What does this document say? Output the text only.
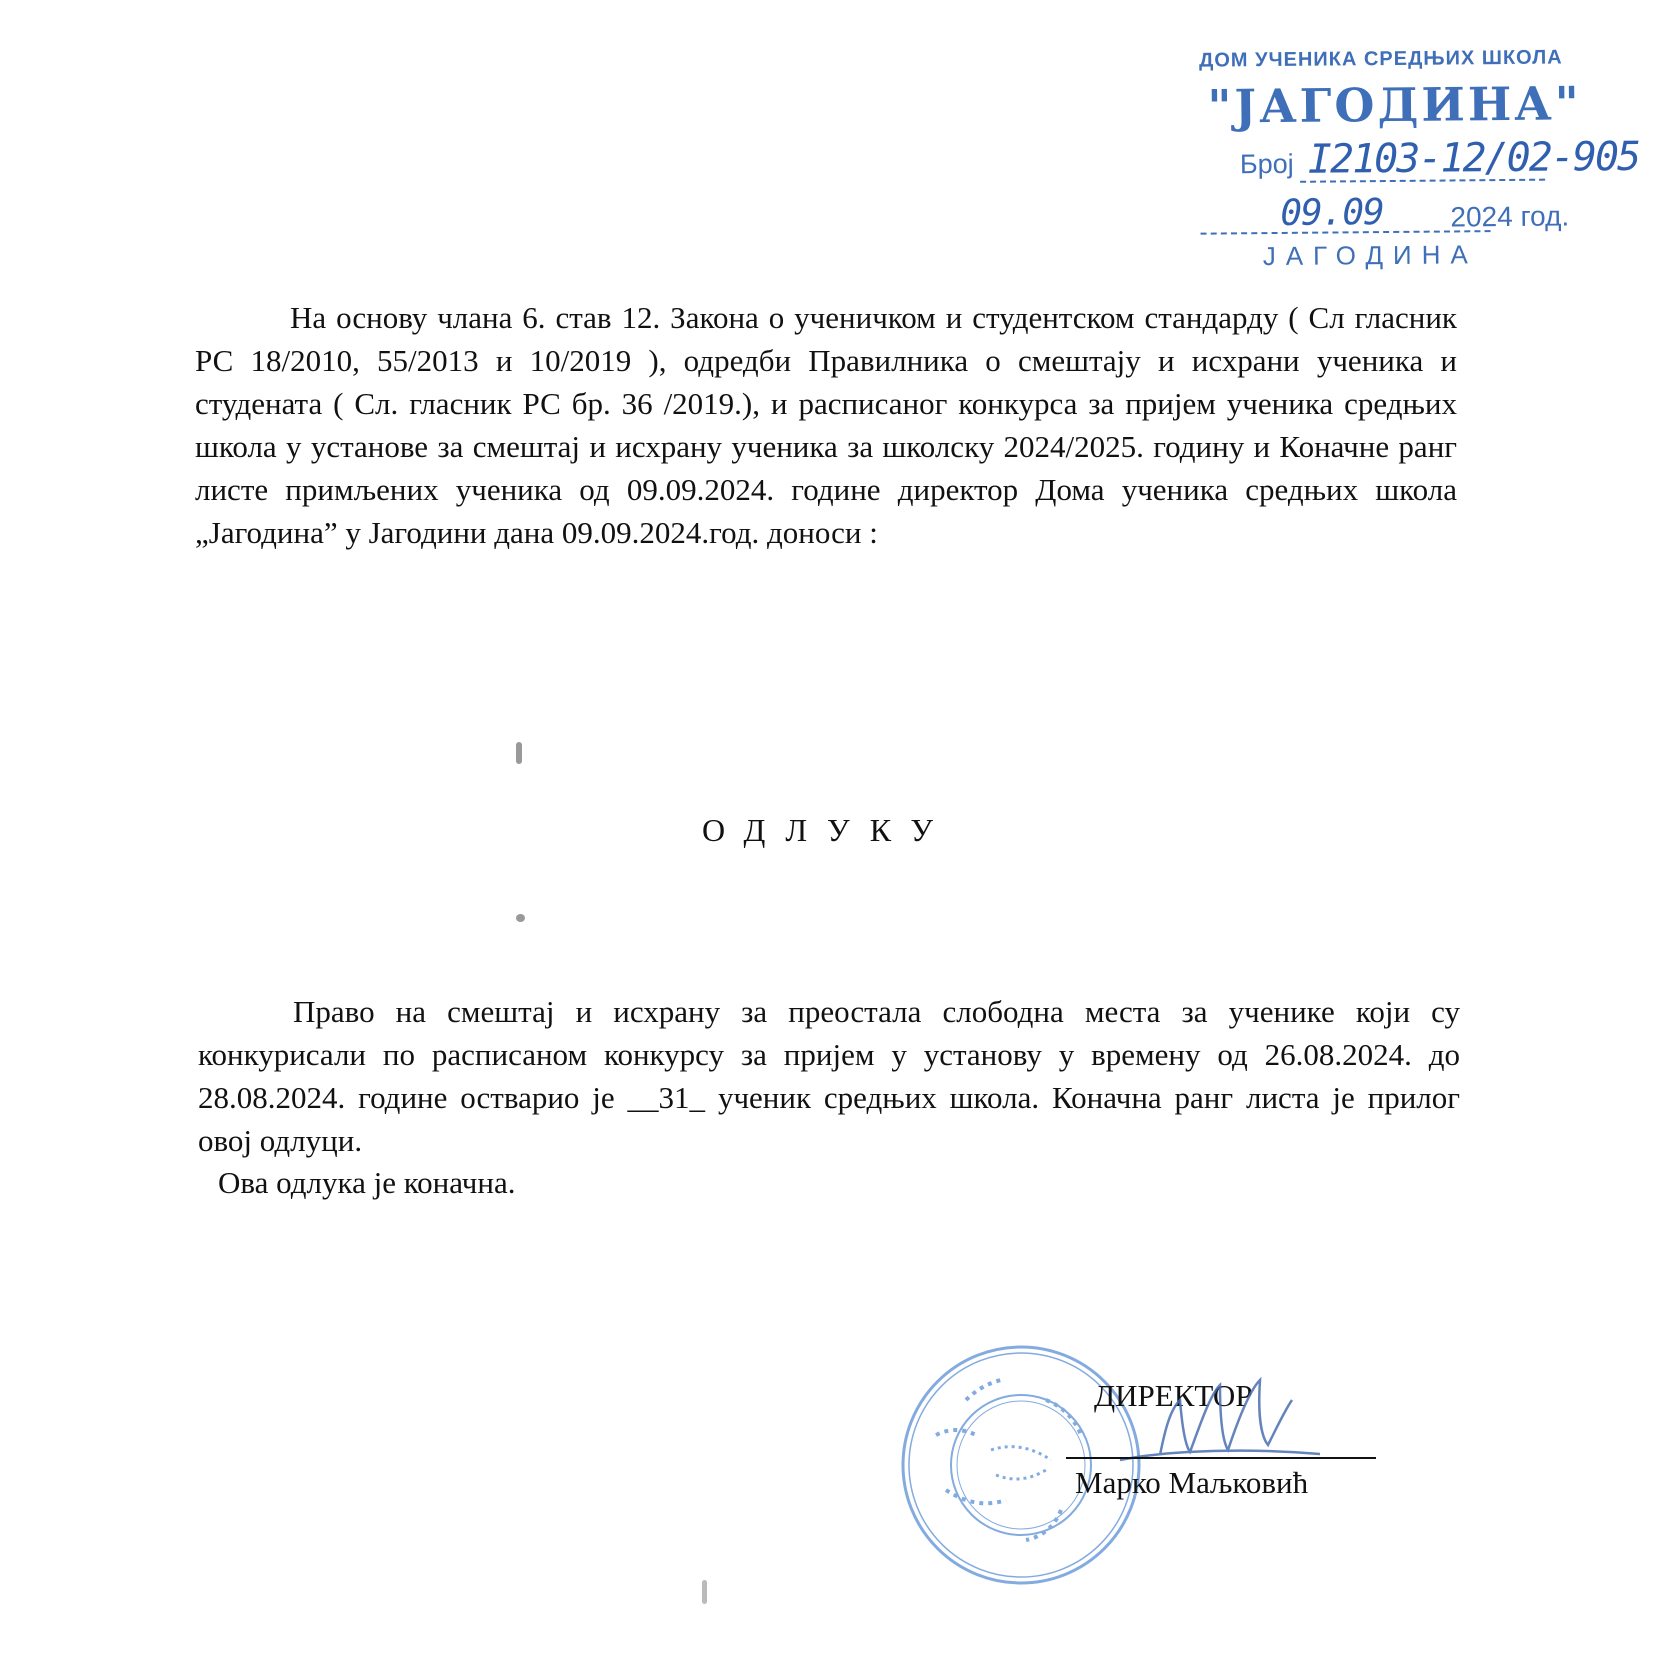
ДОМ УЧЕНИКА СРЕДЊИХ ШКОЛА
"ЈАГОДИНА"
Број I2103-12/02-905
09.09 2024 год.
ЈАГОДИНА
На основу члана 6. став 12. Закона о ученичком и студентском стандарду ( Сл гласник РС 18/2010, 55/2013 и 10/2019 ), одредби Правилника о смештају и исхрани ученика и студената ( Сл. гласник РС бр. 36 /2019.), и расписаног конкурса за пријем ученика средњих школа у установе за смештај и исхрану ученика за школску 2024/2025. годину и Коначне ранг листе примљених ученика од 09.09.2024. године директор Дома ученика средњих школа „Јагодина” у Јагодини дана 09.09.2024.год. доноси :
ОДЛУКУ
Право на смештај и исхрану за преостала слободна места за ученике који су конкурисали по расписаном конкурсу за пријем у установу у времену од 26.08.2024. до 28.08.2024. године остварио је __31_ ученик средњих школа. Коначна ранг листа је прилог овој одлуци.
Ова одлука је коначна.
ДИРЕКТОР
Марко Маљковић
